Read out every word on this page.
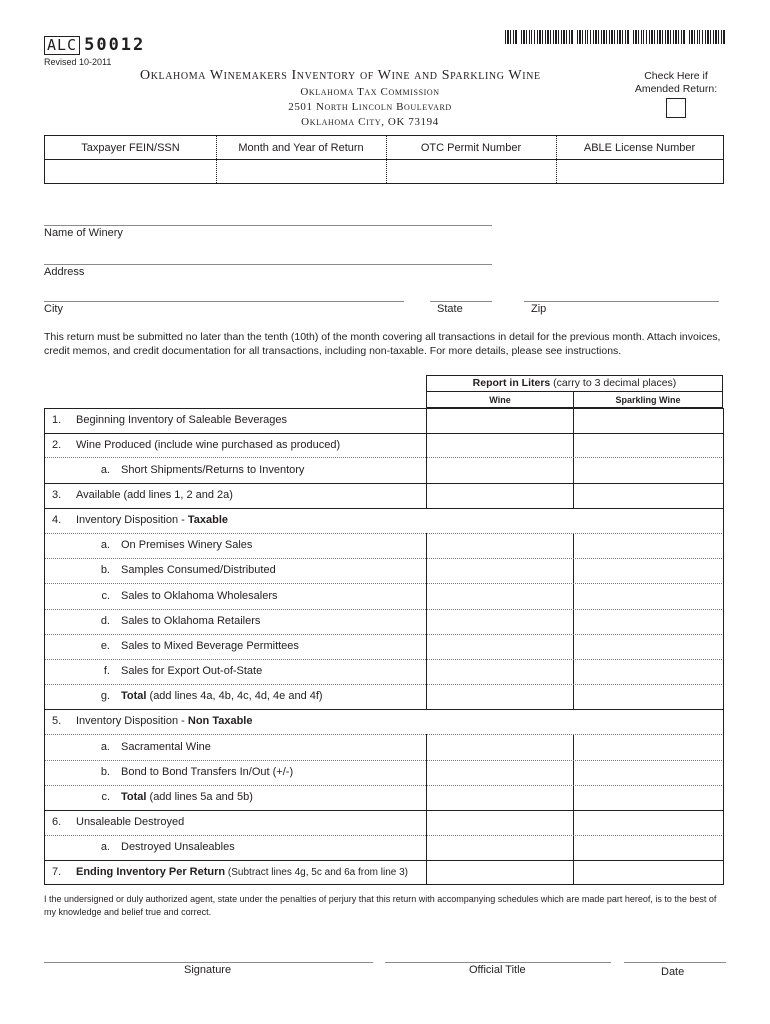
ALC 50012
Revised 10-2011
Oklahoma Winemakers Inventory of Wine and Sparkling Wine
Oklahoma Tax Commission
2501 North Lincoln Boulevard
Oklahoma City, OK 73194
Check Here if
Amended Return:
Taxpayer FEIN/SSN	Month and Year of Return	OTC Permit Number	ABLE License Number
Name of Winery
Address
City	State	Zip
This return must be submitted no later than the tenth (10th) of the month covering all transactions in detail for the previous month. Attach invoices, credit memos, and credit documentation for all transactions, including non-taxable. For more details, please see instructions.
Report in Liters (carry to 3 decimal places)
Wine	Sparkling Wine
1. Beginning Inventory of Saleable Beverages
2. Wine Produced (include wine purchased as produced)
a. Short Shipments/Returns to Inventory
3. Available (add lines 1, 2 and 2a)
4. Inventory Disposition - Taxable
a. On Premises Winery Sales
b. Samples Consumed/Distributed
c. Sales to Oklahoma Wholesalers
d. Sales to Oklahoma Retailers
e. Sales to Mixed Beverage Permittees
f. Sales for Export Out-of-State
g. Total (add lines 4a, 4b, 4c, 4d, 4e and 4f)
5. Inventory Disposition - Non Taxable
a. Sacramental Wine
b. Bond to Bond Transfers In/Out (+/-)
c. Total (add lines 5a and 5b)
6. Unsaleable Destroyed
a. Destroyed Unsaleables
7. Ending Inventory Per Return (Subtract lines 4g, 5c and 6a from line 3)
I the undersigned or duly authorized agent, state under the penalties of perjury that this return with accompanying schedules which are made part hereof, is to the best of my knowledge and belief true and correct.
Signature	Official Title	Date
